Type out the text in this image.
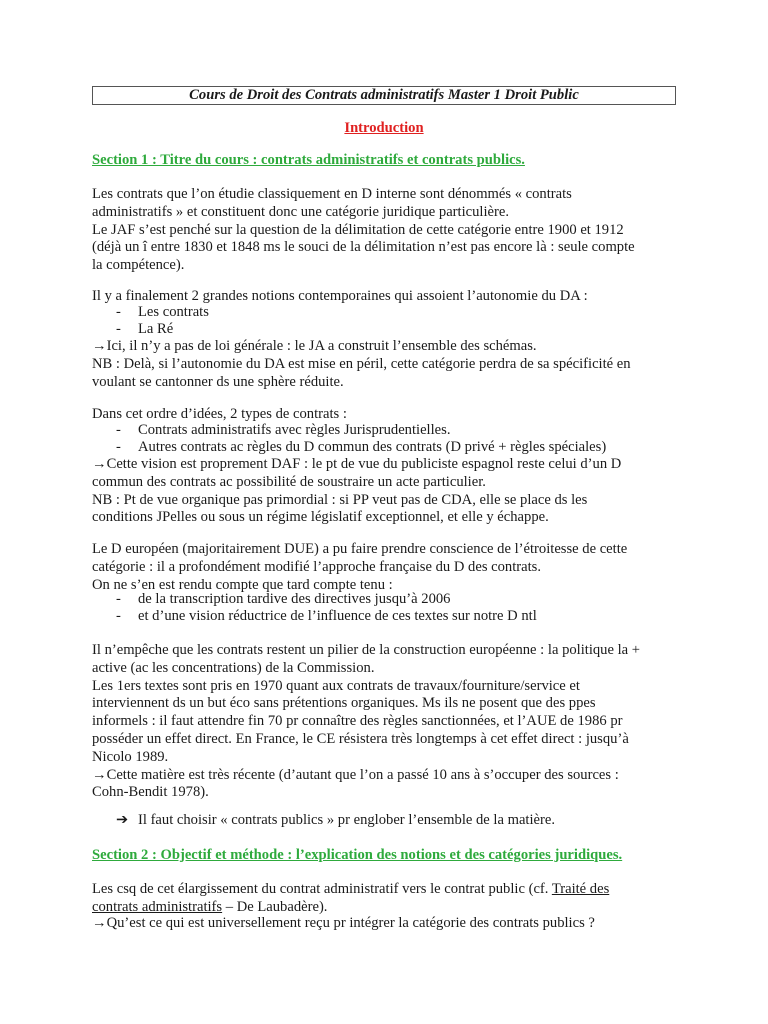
Cours de Droit des Contrats administratifs Master 1 Droit Public
Introduction
Section 1 : Titre du cours : contrats administratifs et contrats publics.
Les contrats que l’on étudie classiquement en D interne sont dénommés « contrats
administratifs » et constituent donc une catégorie juridique particulière.
Le JAF s’est penché sur la question de la délimitation de cette catégorie entre 1900 et 1912
(déjà un î entre 1830 et 1848 ms le souci de la délimitation n’est pas encore là : seule compte
la compétence).
Il y a finalement 2 grandes notions contemporaines qui assoient l’autonomie du DA :
- Les contrats
- La Ré
→Ici, il n’y a pas de loi générale : le JA a construit l’ensemble des schémas.
NB : Delà, si l’autonomie du DA est mise en péril, cette catégorie perdra de sa spécificité en
voulant se cantonner ds une sphère réduite.
Dans cet ordre d’idées, 2 types de contrats :
- Contrats administratifs avec règles Jurisprudentielles.
- Autres contrats ac règles du D commun des contrats (D privé + règles spéciales)
→Cette vision est proprement DAF : le pt de vue du publiciste espagnol reste celui d’un D
commun des contrats ac possibilité de soustraire un acte particulier.
NB : Pt de vue organique pas primordial : si PP veut pas de CDA, elle se place ds les
conditions JPelles ou sous un régime législatif exceptionnel, et elle y échappe.
Le D européen (majoritairement DUE) a pu faire prendre conscience de l’étroitesse de cette
catégorie : il a profondément modifié l’approche française du D des contrats.
On ne s’en est rendu compte que tard compte tenu :
- de la transcription tardive des directives jusqu’à 2006
- et d’une vision réductrice de l’influence de ces textes sur notre D ntl
Il n’empêche que les contrats restent un pilier de la construction européenne : la politique la +
active (ac les concentrations) de la Commission.
Les 1ers textes sont pris en 1970 quant aux contrats de travaux/fourniture/service et
interviennent ds un but éco sans prétentions organiques. Ms ils ne posent que des ppes
informels : il faut attendre fin 70 pr connaître des règles sanctionnées, et l’AUE de 1986 pr
posséder un effet direct. En France, le CE résistera très longtemps à cet effet direct : jusqu’à
Nicolo 1989.
→Cette matière est très récente (d’autant que l’on a passé 10 ans à s’occuper des sources :
Cohn-Bendit 1978).
➔ Il faut choisir « contrats publics » pr englober l’ensemble de la matière.
Section 2 : Objectif et méthode : l’explication des notions et des catégories juridiques.
Les csq de cet élargissement du contrat administratif vers le contrat public (cf. Traité des
contrats administratifs – De Laubadère).
→Qu’est ce qui est universellement reçu pr intégrer la catégorie des contrats publics ?
